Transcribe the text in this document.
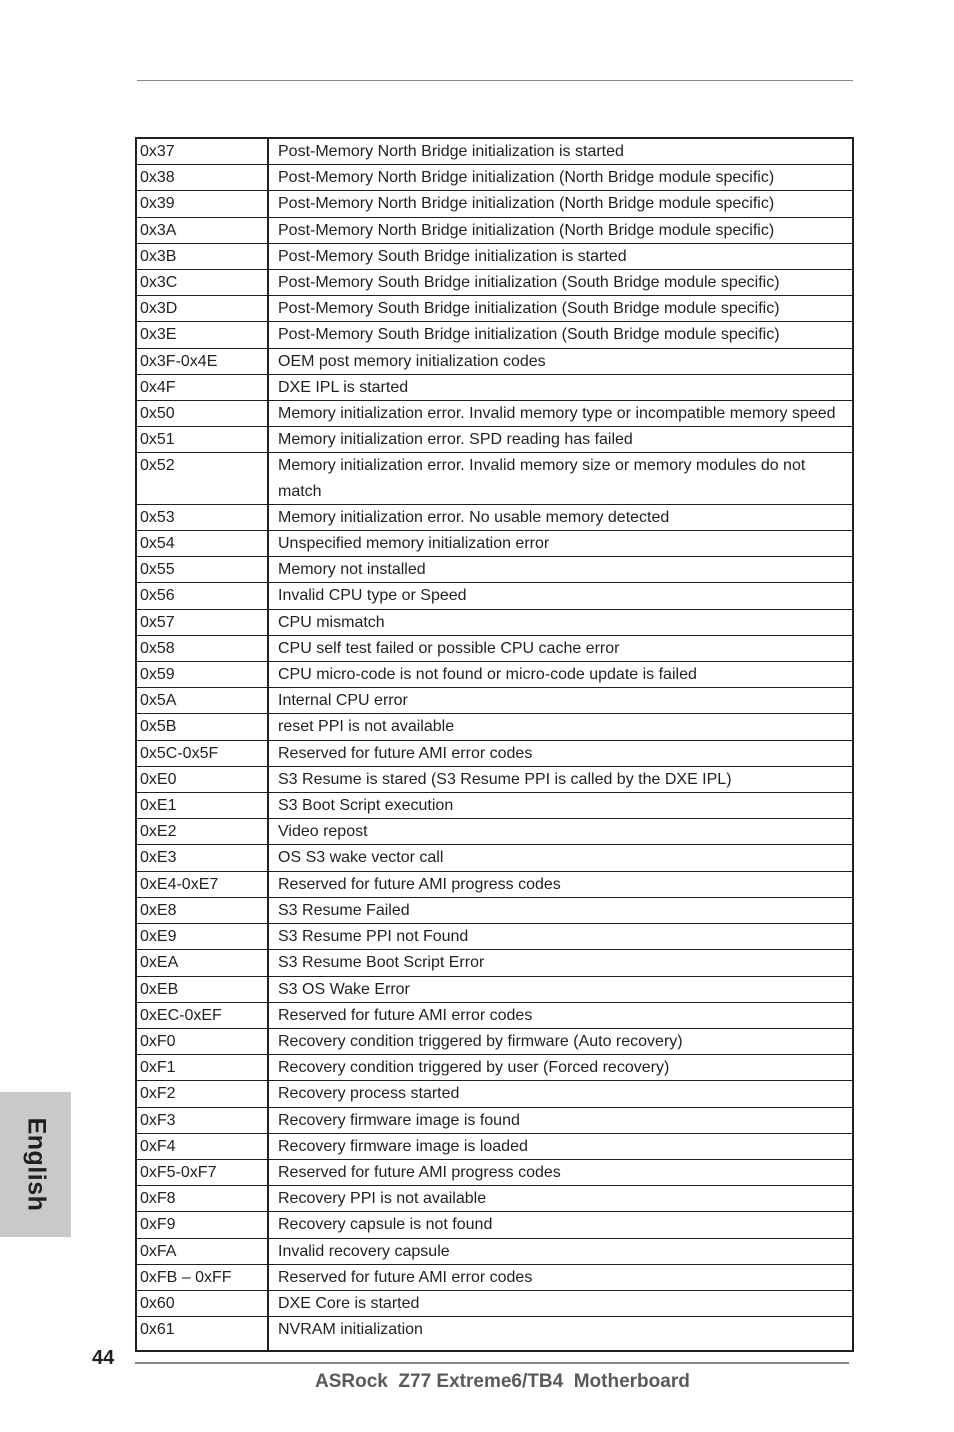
0x37	Post-Memory North Bridge initialization is started
0x38	Post-Memory North Bridge initialization (North Bridge module specific)
0x39	Post-Memory North Bridge initialization (North Bridge module specific)
0x3A	Post-Memory North Bridge initialization (North Bridge module specific)
0x3B	Post-Memory South Bridge initialization is started
0x3C	Post-Memory South Bridge initialization (South Bridge module specific)
0x3D	Post-Memory South Bridge initialization (South Bridge module specific)
0x3E	Post-Memory South Bridge initialization (South Bridge module specific)
0x3F-0x4E	OEM post memory initialization codes
0x4F	DXE IPL is started
0x50	Memory initialization error. Invalid memory type or incompatible memory speed
0x51	Memory initialization error. SPD reading has failed
0x52	Memory initialization error. Invalid memory size or memory modules do not match
0x53	Memory initialization error. No usable memory detected
0x54	Unspecified memory initialization error
0x55	Memory not installed
0x56	Invalid CPU type or Speed
0x57	CPU mismatch
0x58	CPU self test failed or possible CPU cache error
0x59	CPU micro-code is not found or micro-code update is failed
0x5A	Internal CPU error
0x5B	reset PPI is not available
0x5C-0x5F	Reserved for future AMI error codes
0xE0	S3 Resume is stared (S3 Resume PPI is called by the DXE IPL)
0xE1	S3 Boot Script execution
0xE2	Video repost
0xE3	OS S3 wake vector call
0xE4-0xE7	Reserved for future AMI progress codes
0xE8	S3 Resume Failed
0xE9	S3 Resume PPI not Found
0xEA	S3 Resume Boot Script Error
0xEB	S3 OS Wake Error
0xEC-0xEF	Reserved for future AMI error codes
0xF0	Recovery condition triggered by firmware (Auto recovery)
0xF1	Recovery condition triggered by user (Forced recovery)
0xF2	Recovery process started
0xF3	Recovery firmware image is found
0xF4	Recovery firmware image is loaded
0xF5-0xF7	Reserved for future AMI progress codes
0xF8	Recovery PPI is not available
0xF9	Recovery capsule is not found
0xFA	Invalid recovery capsule
0xFB – 0xFF	Reserved for future AMI error codes
0x60	DXE Core is started
0x61	NVRAM initialization
English
44
ASRock  Z77 Extreme6/TB4  Motherboard
